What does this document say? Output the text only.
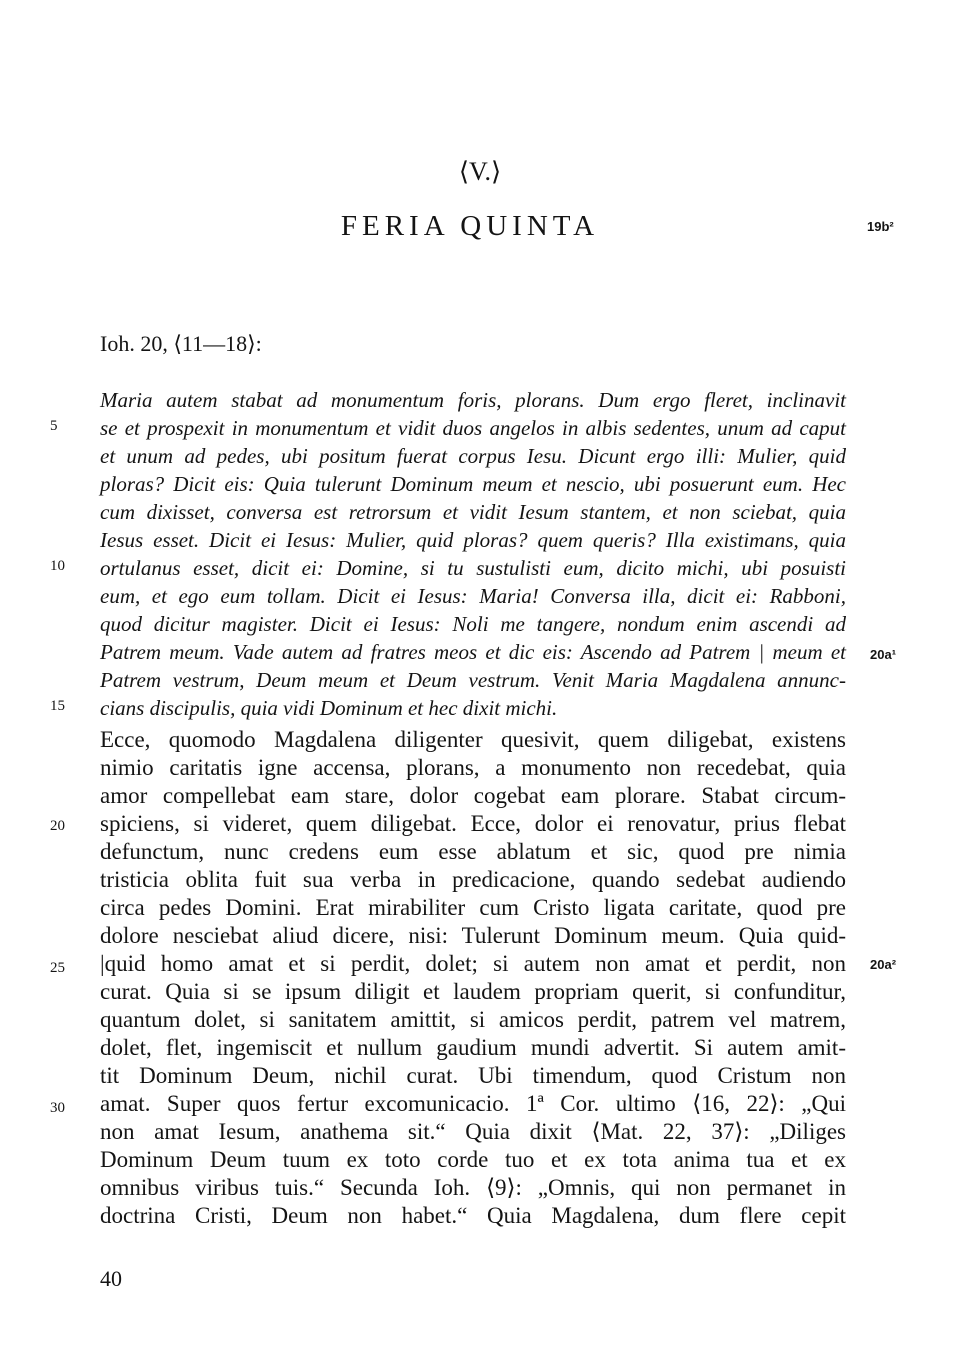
⟨V.⟩
FERIA QUINTA	19b²
Ioh. 20, ⟨11—18⟩:
Maria autem stabat ad monumentum foris, plorans. Dum ergo fleret, inclinavit
se et prospexit in monumentum et vidit duos angelos in albis sedentes, unum ad caput
et unum ad pedes, ubi positum fuerat corpus Iesu. Dicunt ergo illi: Mulier, quid
ploras? Dicit eis: Quia tulerunt Dominum meum et nescio, ubi posuerunt eum. Hec
cum dixisset, conversa est retrorsum et vidit Iesum stantem, et non sciebat, quia
Iesus esset. Dicit ei Iesus: Mulier, quid ploras? quem queris? Illa existimans, quia
ortulanus esset, dicit ei: Domine, si tu sustulisti eum, dicito michi, ubi posuisti
eum, et ego eum tollam. Dicit ei Iesus: Maria! Conversa illa, dicit ei: Rabboni,
quod dicitur magister. Dicit ei Iesus: Noli me tangere, nondum enim ascendi ad
Patrem meum. Vade autem ad fratres meos et dic eis: Ascendo ad Patrem | meum et
Patrem vestrum, Deum meum et Deum vestrum. Venit Maria Magdalena annunc-
cians discipulis, quia vidi Dominum et hec dixit michi.
Ecce, quomodo Magdalena diligenter quesivit, quem diligebat, existens
nimio caritatis igne accensa, plorans, a monumento non recedebat, quia
amor compellebat eam stare, dolor cogebat eam plorare. Stabat circum-
spiciens, si videret, quem diligebat. Ecce, dolor ei renovatur, prius flebat
defunctum, nunc credens eum esse ablatum et sic, quod pre nimia
tristicia oblita fuit sua verba in predicacione, quando sedebat audiendo
circa pedes Domini. Erat mirabiliter cum Cristo ligata caritate, quod pre
dolore nesciebat aliud dicere, nisi: Tulerunt Dominum meum. Quia quid-
|quid homo amat et si perdit, dolet; si autem non amat et perdit, non
curat. Quia si se ipsum diligit et laudem propriam querit, si confunditur,
quantum dolet, si sanitatem amittit, si amicos perdit, patrem vel matrem,
dolet, flet, ingemiscit et nullum gaudium mundi advertit. Si autem amit-
tit Dominum Deum, nichil curat. Ubi timendum, quod Cristum non
amat. Super quos fertur excomunicacio. 1ª Cor. ultimo ⟨16, 22⟩: „Qui
non amat Iesum, anathema sit.“ Quia dixit ⟨Mat. 22, 37⟩: „Diliges
Dominum Deum tuum ex toto corde tuo et ex tota anima tua et ex
omnibus viribus tuis.“ Secunda Ioh. ⟨9⟩: „Omnis, qui non permanet in
doctrina Cristi, Deum non habet.“ Quia Magdalena, dum flere cepit
5
10
15
20
25
30
20a¹
20a²
40
